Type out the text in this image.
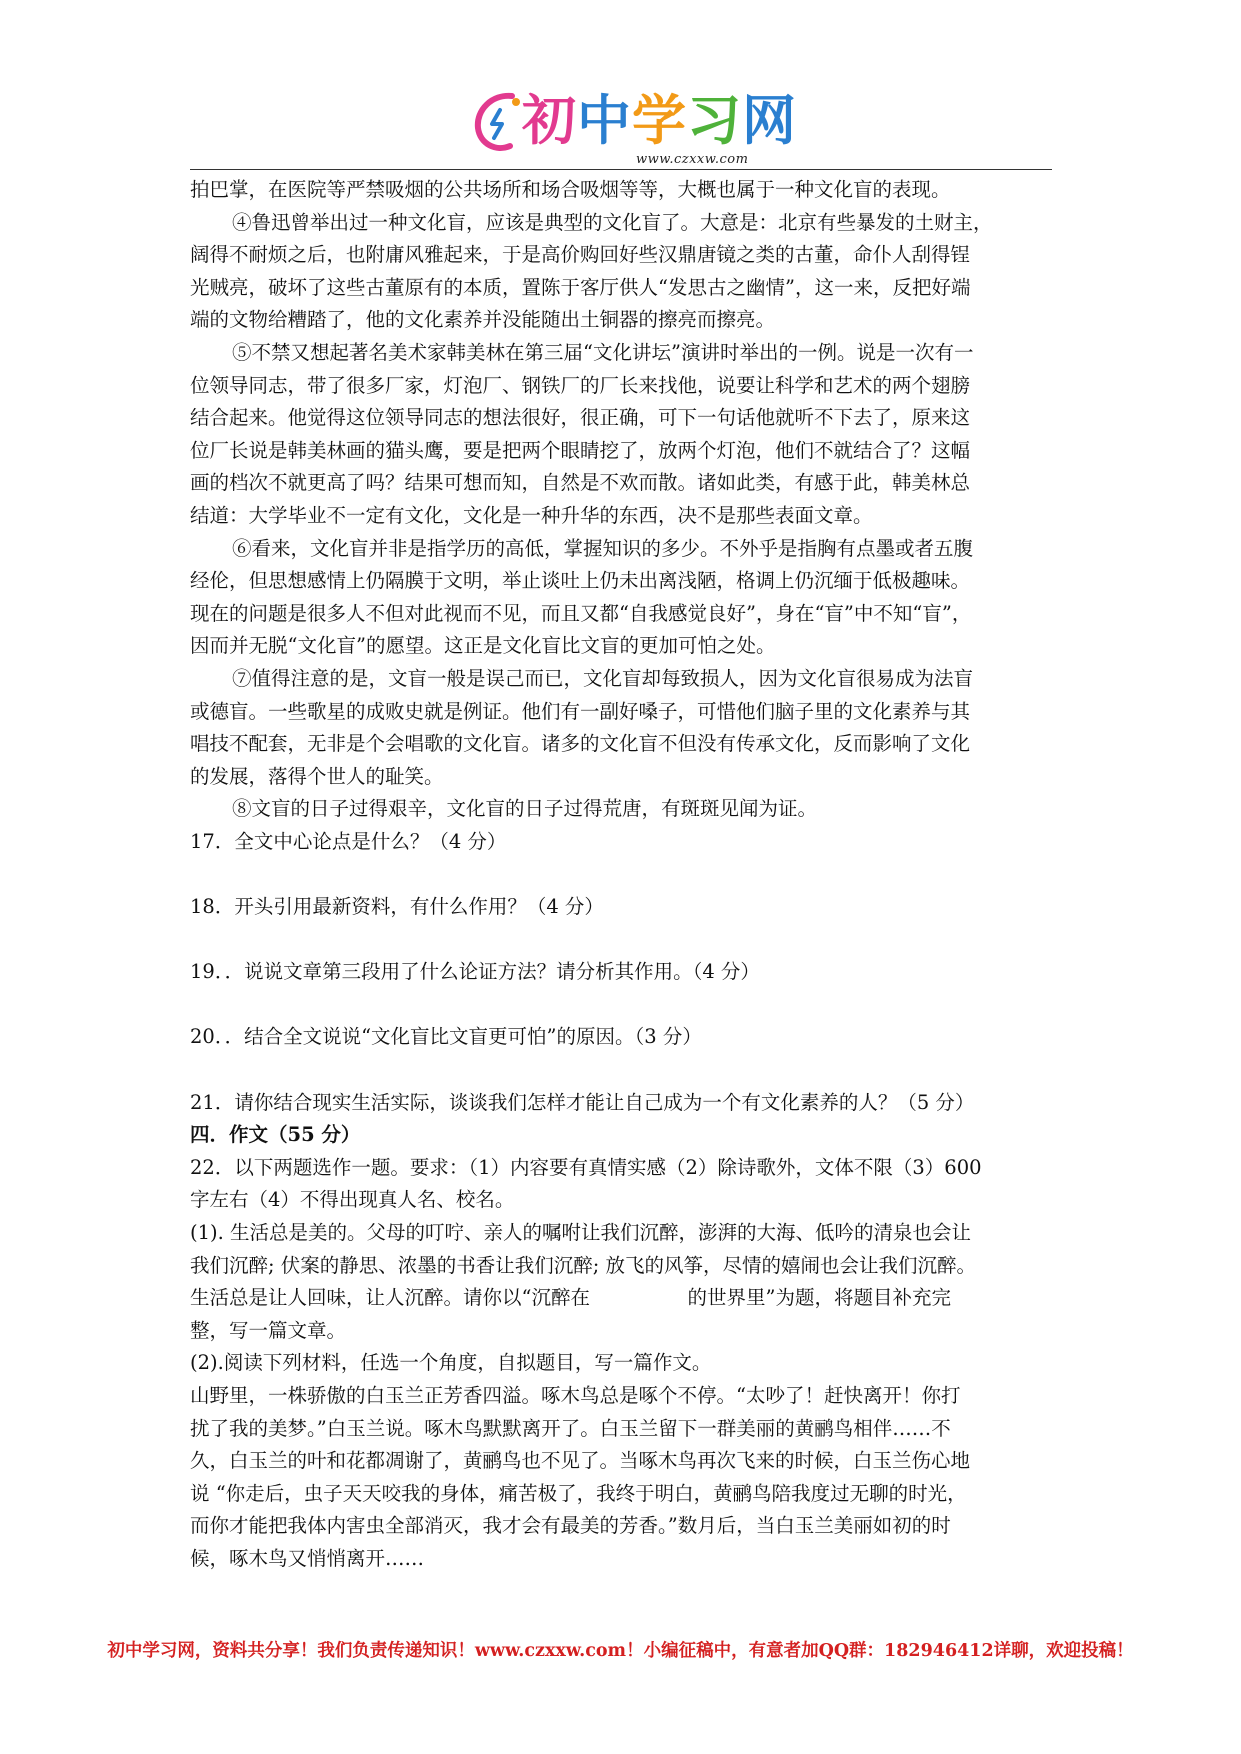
初中学习网
www.czxxw.com
拍巴掌，在医院等严禁吸烟的公共场所和场合吸烟等等，大概也属于一种文化盲的表现。
④鲁迅曾举出过一种文化盲，应该是典型的文化盲了。大意是：北京有些暴发的土财主，
阔得不耐烦之后，也附庸风雅起来，于是高价购回好些汉鼎唐镜之类的古董，命仆人刮得锃
光贼亮，破坏了这些古董原有的本质，置陈于客厅供人“发思古之幽情”，这一来，反把好端
端的文物给糟踏了，他的文化素养并没能随出土铜器的擦亮而擦亮。
⑤不禁又想起著名美术家韩美林在第三届“文化讲坛”演讲时举出的一例。说是一次有一
位领导同志，带了很多厂家，灯泡厂、钢铁厂的厂长来找他，说要让科学和艺术的两个翅膀
结合起来。他觉得这位领导同志的想法很好，很正确，可下一句话他就听不下去了，原来这
位厂长说是韩美林画的猫头鹰，要是把两个眼睛挖了，放两个灯泡，他们不就结合了？这幅
画的档次不就更高了吗？结果可想而知，自然是不欢而散。诸如此类，有感于此，韩美林总
结道：大学毕业不一定有文化，文化是一种升华的东西，决不是那些表面文章。
⑥看来，文化盲并非是指学历的高低，掌握知识的多少。不外乎是指胸有点墨或者五腹
经伦，但思想感情上仍隔膜于文明，举止谈吐上仍未出离浅陋，格调上仍沉缅于低极趣味。
现在的问题是很多人不但对此视而不见，而且又都“自我感觉良好”，身在“盲”中不知“盲”，
因而并无脱“文化盲”的愿望。这正是文化盲比文盲的更加可怕之处。
⑦值得注意的是，文盲一般是误己而已，文化盲却每致损人，因为文化盲很易成为法盲
或德盲。一些歌星的成败史就是例证。他们有一副好嗓子，可惜他们脑子里的文化素养与其
唱技不配套，无非是个会唱歌的文化盲。诸多的文化盲不但没有传承文化，反而影响了文化
的发展，落得个世人的耻笑。
⑧文盲的日子过得艰辛，文化盲的日子过得荒唐，有斑斑见闻为证。
17．全文中心论点是什么？（4 分）
18．开头引用最新资料，有什么作用？（4 分）
19．．说说文章第三段用了什么论证方法？请分析其作用。（4 分）
20．．结合全文说说“文化盲比文盲更可怕”的原因。（3 分）
21．请你结合现实生活实际，谈谈我们怎样才能让自己成为一个有文化素养的人？（5 分）
四．作文（55 分）
22．以下两题选作一题。要求：（1）内容要有真情实感（2）除诗歌外，文体不限（3）600
字左右（4）不得出现真人名、校名。
(1). 生活总是美的。父母的叮咛、亲人的嘱咐让我们沉醉，澎湃的大海、低吟的清泉也会让
我们沉醉; 伏案的静思、浓墨的书香让我们沉醉; 放飞的风筝，尽情的嬉闹也会让我们沉醉。
生活总是让人回味，让人沉醉。请你以“沉醉在　　　　　的世界里”为题，将题目补充完
整，写一篇文章。
(2).阅读下列材料，任选一个角度，自拟题目，写一篇作文。
山野里，一株骄傲的白玉兰正芳香四溢。啄木鸟总是啄个不停。“太吵了！赶快离开！你打
扰了我的美梦。”白玉兰说。啄木鸟默默离开了。白玉兰留下一群美丽的黄鹂鸟相伴……不
久，白玉兰的叶和花都凋谢了，黄鹂鸟也不见了。当啄木鸟再次飞来的时候，白玉兰伤心地
说 “你走后，虫子天天咬我的身体，痛苦极了，我终于明白，黄鹂鸟陪我度过无聊的时光，
而你才能把我体内害虫全部消灭，我才会有最美的芳香。”数月后，当白玉兰美丽如初的时
候，啄木鸟又悄悄离开……
初中学习网，资料共分享！我们负责传递知识！www.czxxw.com！小编征稿中，有意者加QQ群：182946412详聊，欢迎投稿！
